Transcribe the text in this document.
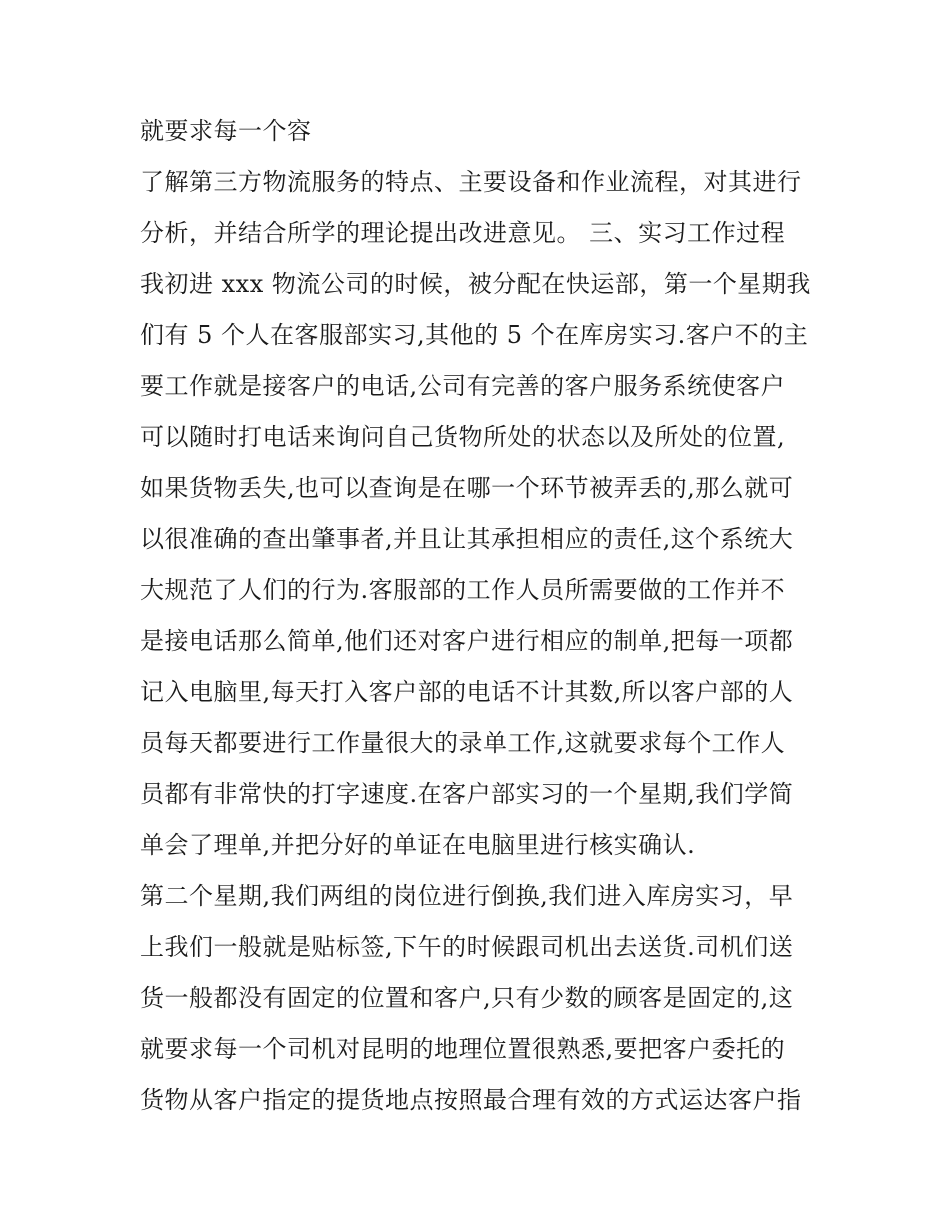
就要求每一个容
了解第三方物流服务的特点、主要设备和作业流程，对其进行
分析，并结合所学的理论提出改进意见。 三、实习工作过程
我初进 xxx 物流公司的时候，被分配在快运部，第一个星期我
们有 5 个人在客服部实习,其他的 5 个在库房实习.客户不的主
要工作就是接客户的电话,公司有完善的客户服务系统使客户
可以随时打电话来询问自己货物所处的状态以及所处的位置,
如果货物丢失,也可以查询是在哪一个环节被弄丢的,那么就可
以很准确的查出肇事者,并且让其承担相应的责任,这个系统大
大规范了人们的行为.客服部的工作人员所需要做的工作并不
是接电话那么简单,他们还对客户进行相应的制单,把每一项都
记入电脑里,每天打入客户部的电话不计其数,所以客户部的人
员每天都要进行工作量很大的录单工作,这就要求每个工作人
员都有非常快的打字速度.在客户部实习的一个星期,我们学简
单会了理单,并把分好的单证在电脑里进行核实确认.
第二个星期,我们两组的岗位进行倒换,我们进入库房实习，早
上我们一般就是贴标签,下午的时候跟司机出去送货.司机们送
货一般都没有固定的位置和客户,只有少数的顾客是固定的,这
就要求每一个司机对昆明的地理位置很熟悉,要把客户委托的
货物从客户指定的提货地点按照最合理有效的方式运达客户指
